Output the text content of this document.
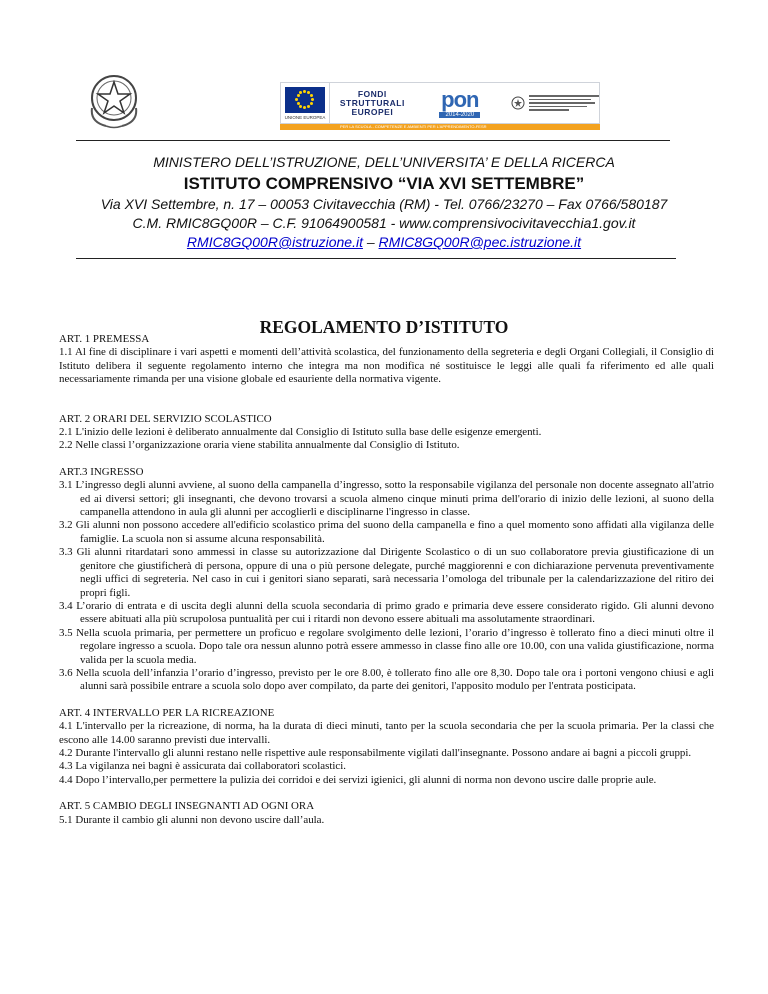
UNIONE EUROPEA
FONDI
STRUTTURALI
EUROPEI pon
2014-2020
PER LA SCUOLA - COMPETENZE E AMBIENTI PER L'APPRENDIMENTO-FESR
MINISTERO DELL’ISTRUZIONE, DELL’UNIVERSITA’ E DELLA RICERCA
ISTITUTO COMPRENSIVO “VIA XVI SETTEMBRE”
Via XVI Settembre, n. 17 – 00053 Civitavecchia (RM) - Tel. 0766/23270 – Fax 0766/580187
C.M. RMIC8GQ00R – C.F. 91064900581 - www.comprensivocivitavecchia1.gov.it
RMIC8GQ00R@istruzione.it – RMIC8GQ00R@pec.istruzione.it
REGOLAMENTO D’ISTITUTO
ART. 1 PREMESSA
1.1 Al fine di disciplinare i vari aspetti e momenti dell’attività scolastica, del funzionamento della segreteria e degli Organi Collegiali, il Consiglio di Istituto delibera il seguente regolamento interno che integra ma non modifica né sostituisce le leggi alle quali fa riferimento ed alle quali necessariamente rimanda per una visione globale ed esauriente della normativa vigente.
ART. 2 ORARI DEL SERVIZIO SCOLASTICO
2.1 L'inizio delle lezioni è deliberato annualmente dal Consiglio di Istituto sulla base delle esigenze emergenti.
2.2 Nelle classi l’organizzazione oraria viene stabilita annualmente dal Consiglio di Istituto.
ART.3 INGRESSO
3.1 L’ingresso degli alunni avviene, al suono della campanella d’ingresso, sotto la responsabile vigilanza del personale non docente assegnato all'atrio ed ai diversi settori; gli insegnanti, che devono trovarsi a scuola almeno cinque minuti prima dell'orario di inizio delle lezioni, al suono della campanella attendono in aula gli alunni per accoglierli e disciplinarne l'ingresso in classe.
3.2 Gli alunni non possono accedere all'edificio scolastico prima del suono della campanella e fino a quel momento sono affidati alla vigilanza delle famiglie. La scuola non si assume alcuna responsabilità.
3.3 Gli alunni ritardatari sono ammessi in classe su autorizzazione dal Dirigente Scolastico o di un suo collaboratore previa giustificazione di un genitore che giustificherà di persona, oppure di una o più persone delegate, purché maggiorenni e con dichiarazione pervenuta preventivamente negli uffici di segreteria. Nel caso in cui i genitori siano separati, sarà necessaria l’omologa del tribunale per la calendarizzazione del ritiro dei propri figli.
3.4 L’orario di entrata e di uscita degli alunni della scuola secondaria di primo grado e primaria deve essere considerato rigido. Gli alunni devono essere abituati alla più scrupolosa puntualità per cui i ritardi non devono essere abituali ma assolutamente straordinari.
3.5 Nella scuola primaria, per permettere un proficuo e regolare svolgimento delle lezioni, l’orario d’ingresso è tollerato fino a dieci minuti oltre il regolare ingresso a scuola. Dopo tale ora nessun alunno potrà essere ammesso in classe fino alle ore 10.00, con una valida giustificazione, norma valida per la scuola media.
3.6 Nella scuola dell’infanzia l’orario d’ingresso, previsto per le ore 8.00, è tollerato fino alle ore 8,30. Dopo tale ora i portoni vengono chiusi e agli alunni sarà possibile entrare a scuola solo dopo aver compilato, da parte dei genitori, l'apposito modulo per l'entrata posticipata.
ART. 4 INTERVALLO PER LA RICREAZIONE
4.1 L'intervallo per la ricreazione, di norma, ha la durata di dieci minuti, tanto per la scuola secondaria che per la scuola primaria. Per la classi che escono alle 14.00 saranno previsti due intervalli.
4.2 Durante l'intervallo gli alunni restano nelle rispettive aule responsabilmente vigilati dall'insegnante. Possono andare ai bagni a piccoli gruppi.
4.3 La vigilanza nei bagni è assicurata dai collaboratori scolastici.
4.4 Dopo l’intervallo,per permettere la pulizia dei corridoi e dei servizi igienici, gli alunni di norma non devono uscire dalle proprie aule.
ART. 5 CAMBIO DEGLI INSEGNANTI AD OGNI ORA
5.1 Durante il cambio gli alunni non devono uscire dall’aula.
